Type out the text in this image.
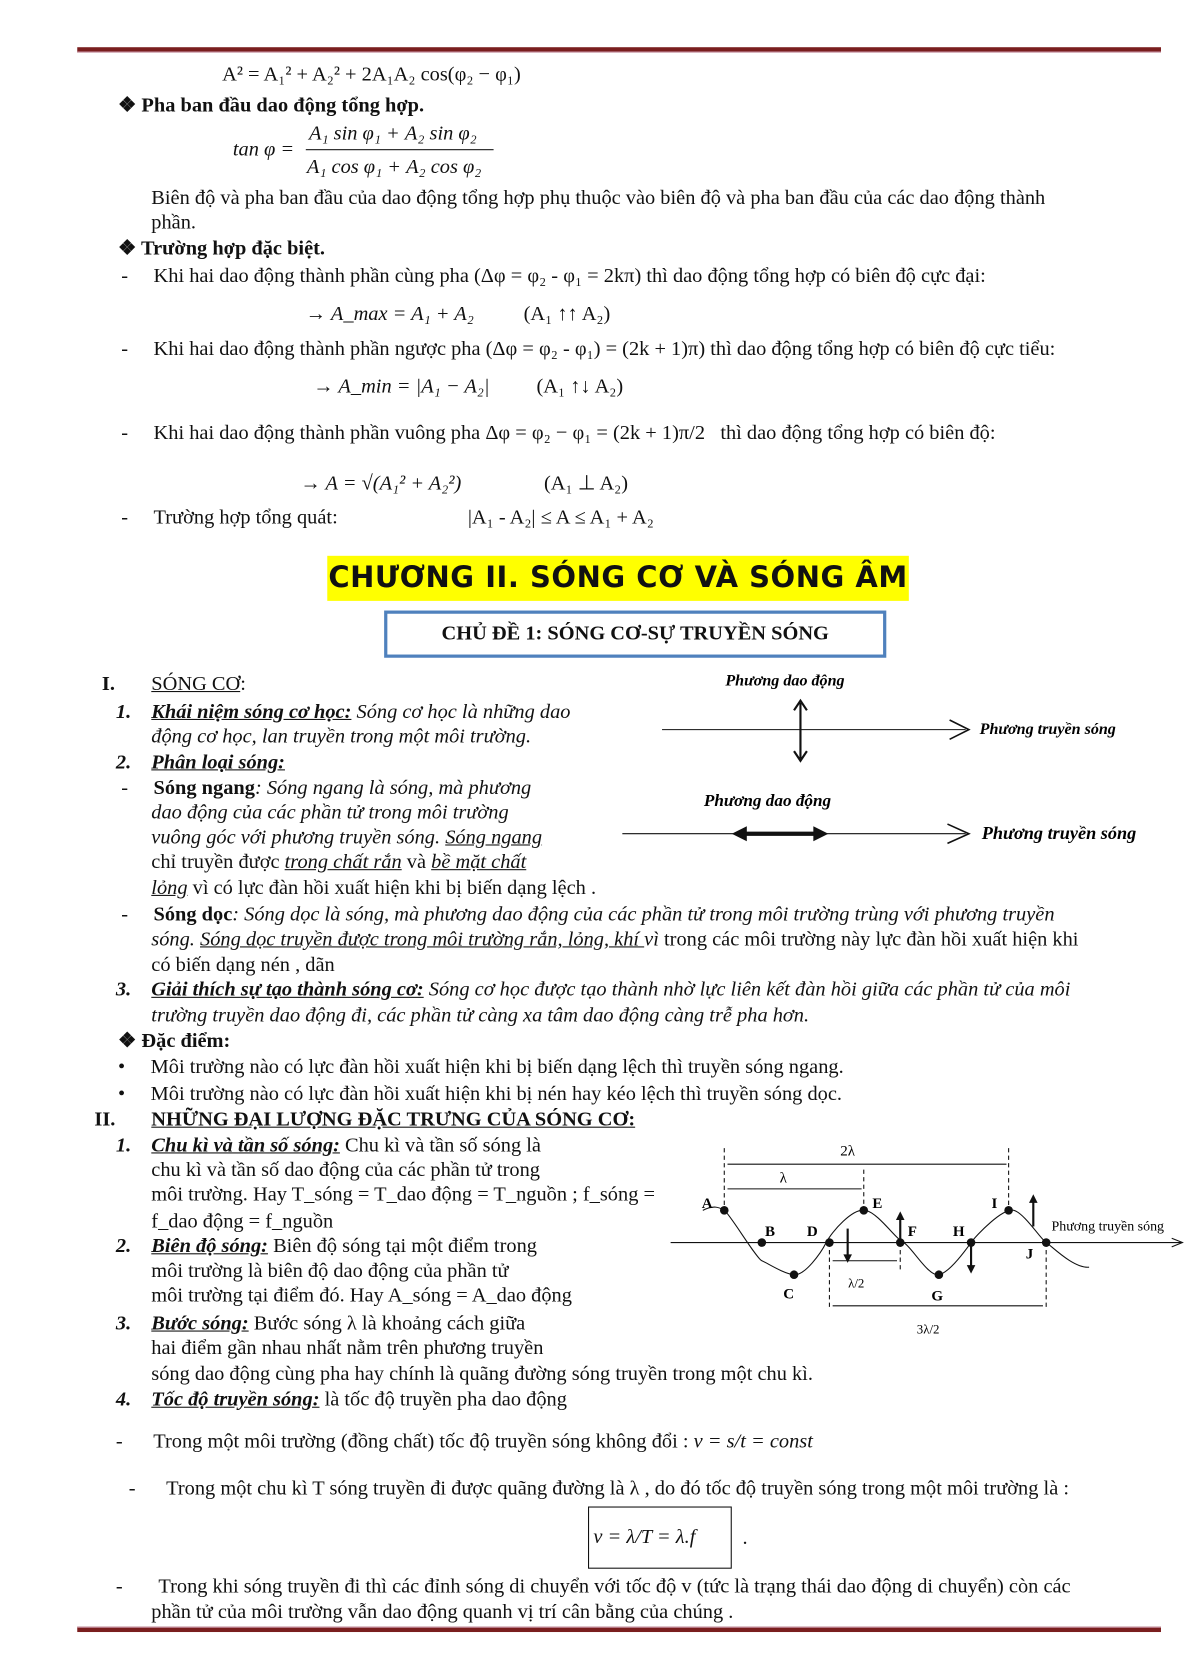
A² = A₁² + A₂² + 2A₁A₂ cos(φ₂ − φ₁)
❖ Pha ban đầu dao động tổng hợp.
tan φ =
A₁ sin φ₁ + A₂ sin φ₂
A₁ cos φ₁ + A₂ cos φ₂
Biên độ và pha ban đầu của dao động tổng hợp phụ thuộc vào biên độ và pha ban đầu của các dao động thành
phần.
❖ Trường hợp đặc biệt.
-     Khi hai dao động thành phần cùng pha (Δφ = φ₂ - φ₁ = 2kπ) thì dao động tổng hợp có biên độ cực đại:
→ A_max = A₁ + A₂	(A₁ ↑↑ A₂)
-     Khi hai dao động thành phần ngược pha (Δφ = φ₂ - φ₁) = (2k + 1)π) thì dao động tổng hợp có biên độ cực tiểu:
→ A_min = |A₁ − A₂| (A₁ ↑↓ A₂)
-     Khi hai dao động thành phần vuông pha Δφ = φ₂ − φ₁ = (2k + 1)π/2 thì dao động tổng hợp có biên độ:
→ A = √(A₁² + A₂²)	(A₁ ⊥ A₂)
-     Trường hợp tổng quát:	|A₁ - A₂| ≤ A ≤ A₁ + A₂
CHƯƠNG II. SÓNG CƠ VÀ SÓNG ÂM
CHỦ ĐỀ 1: SÓNG CƠ-SỰ TRUYỀN SÓNG
I. SÓNG CƠ:
1. Khái niệm sóng cơ học: Sóng cơ học là những dao
động cơ học, lan truyền trong một môi trường.
2. Phân loại sóng:
-     Sóng ngang: Sóng ngang là sóng, mà phương
dao động của các phần tử trong môi trường
vuông góc với phương truyền sóng. Sóng ngang
chỉ truyền được trong chất rắn và bề mặt chất
lỏng vì có lực đàn hồi xuất hiện khi bị biến dạng lệch .
-     Sóng dọc: Sóng dọc là sóng, mà phương dao động của các phần tử trong môi trường trùng với phương truyền
sóng. Sóng dọc truyền được trong môi trường rắn, lỏng, khí vì trong các môi trường này lực đàn hồi xuất hiện khi
có biến dạng nén , dãn
3. Giải thích sự tạo thành sóng cơ: Sóng cơ học được tạo thành nhờ lực liên kết đàn hồi giữa các phần tử của môi
trường truyền dao động đi, các phần tử càng xa tâm dao động càng trễ pha hơn.
❖ Đặc điểm:
•     Môi trường nào có lực đàn hồi xuất hiện khi bị biến dạng lệch thì truyền sóng ngang.
•     Môi trường nào có lực đàn hồi xuất hiện khi bị nén hay kéo lệch thì truyền sóng dọc.
Phương dao động
Phương truyền sóng
Phương dao động
Phương truyền sóng
II. NHỮNG ĐẠI LƯỢNG ĐẶC TRƯNG CỦA SÓNG CƠ:
1. Chu kì và tần số sóng: Chu kì và tần số sóng là
chu kì và tần số dao động của các phần tử trong
môi trường. Hay T_sóng = T_dao động = T_nguồn ; f_sóng =
f_dao động = f_nguồn
2. Biên độ sóng: Biên độ sóng tại một điểm trong
môi trường là biên độ dao động của phần tử
môi trường tại điểm đó. Hay A_sóng = A_dao động
3. Bước sóng: Bước sóng λ là khoảng cách giữa
hai điểm gần nhau nhất nằm trên phương truyền
sóng dao động cùng pha hay chính là quãng đường sóng truyền trong một chu kì.
4. Tốc độ truyền sóng: là tốc độ truyền pha dao động
-      Trong một môi trường (đồng chất) tốc độ truyền sóng không đổi : v = s/t = const
-      Trong một chu kì T sóng truyền đi được quãng đường là λ , do đó tốc độ truyền sóng trong một môi trường là :
v = λ/T = λ.f .
-       Trong khi sóng truyền đi thì các đỉnh sóng di chuyển với tốc độ v (tức là trạng thái dao động di chuyển) còn các
phần tử của môi trường vẫn dao động quanh vị trí cân bằng của chúng .
2λ
λ
λ/2
3λ/2
Phương truyền sóng
A
B
C
D
E
F
G
H
I
J
